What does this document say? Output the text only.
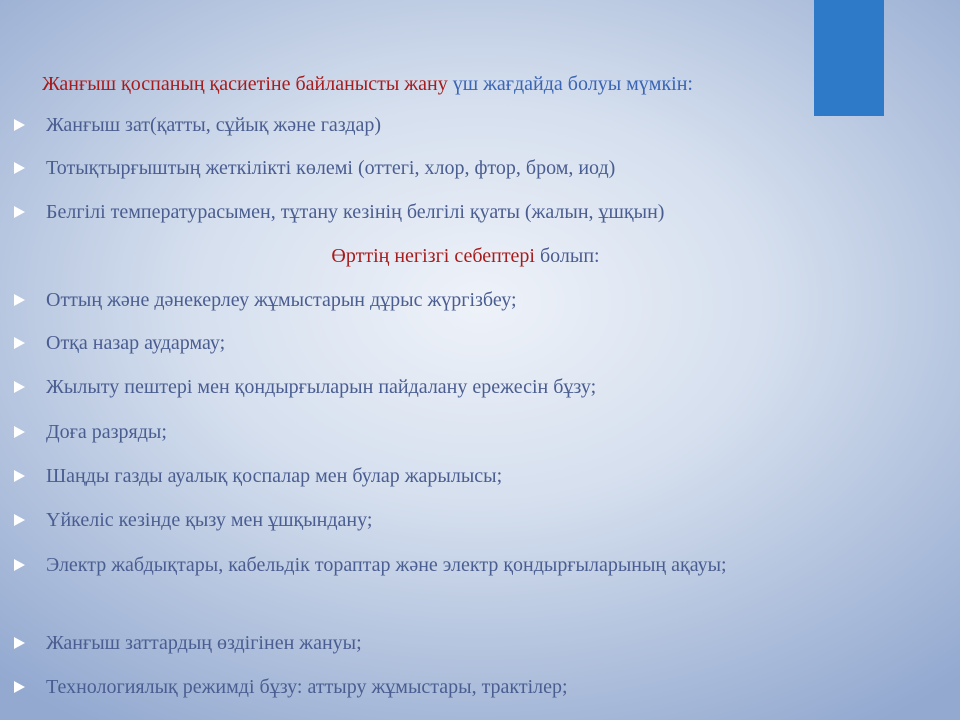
Жанғыш қоспаның қасиетіне байланысты жану үш жағдайда болуы мүмкін:
Жанғыш зат(қатты, сұйық және газдар)
Тотықтырғыштың жеткілікті көлемі (оттегі, хлор, фтор, бром, иод)
Белгілі температурасымен, тұтану кезінің белгілі қуаты (жалын, ұшқын)
Өрттің негізгі себептері болып:
Оттың және дәнекерлеу жұмыстарын дұрыс жүргізбеу;
Отқа назар аудармау;
Жылыту пештері мен қондырғыларын пайдалану ережесін бұзу;
Доға разряды;
Шаңды газды ауалық қоспалар мен булар жарылысы;
Үйкеліс кезінде қызу мен ұшқындану;
Электр жабдықтары, кабельдік тораптар және электр қондырғыларының ақауы;
Жанғыш заттардың өздігінен жануы;
Технологиялық режимді бұзу: аттыру жұмыстары, трактілер;
